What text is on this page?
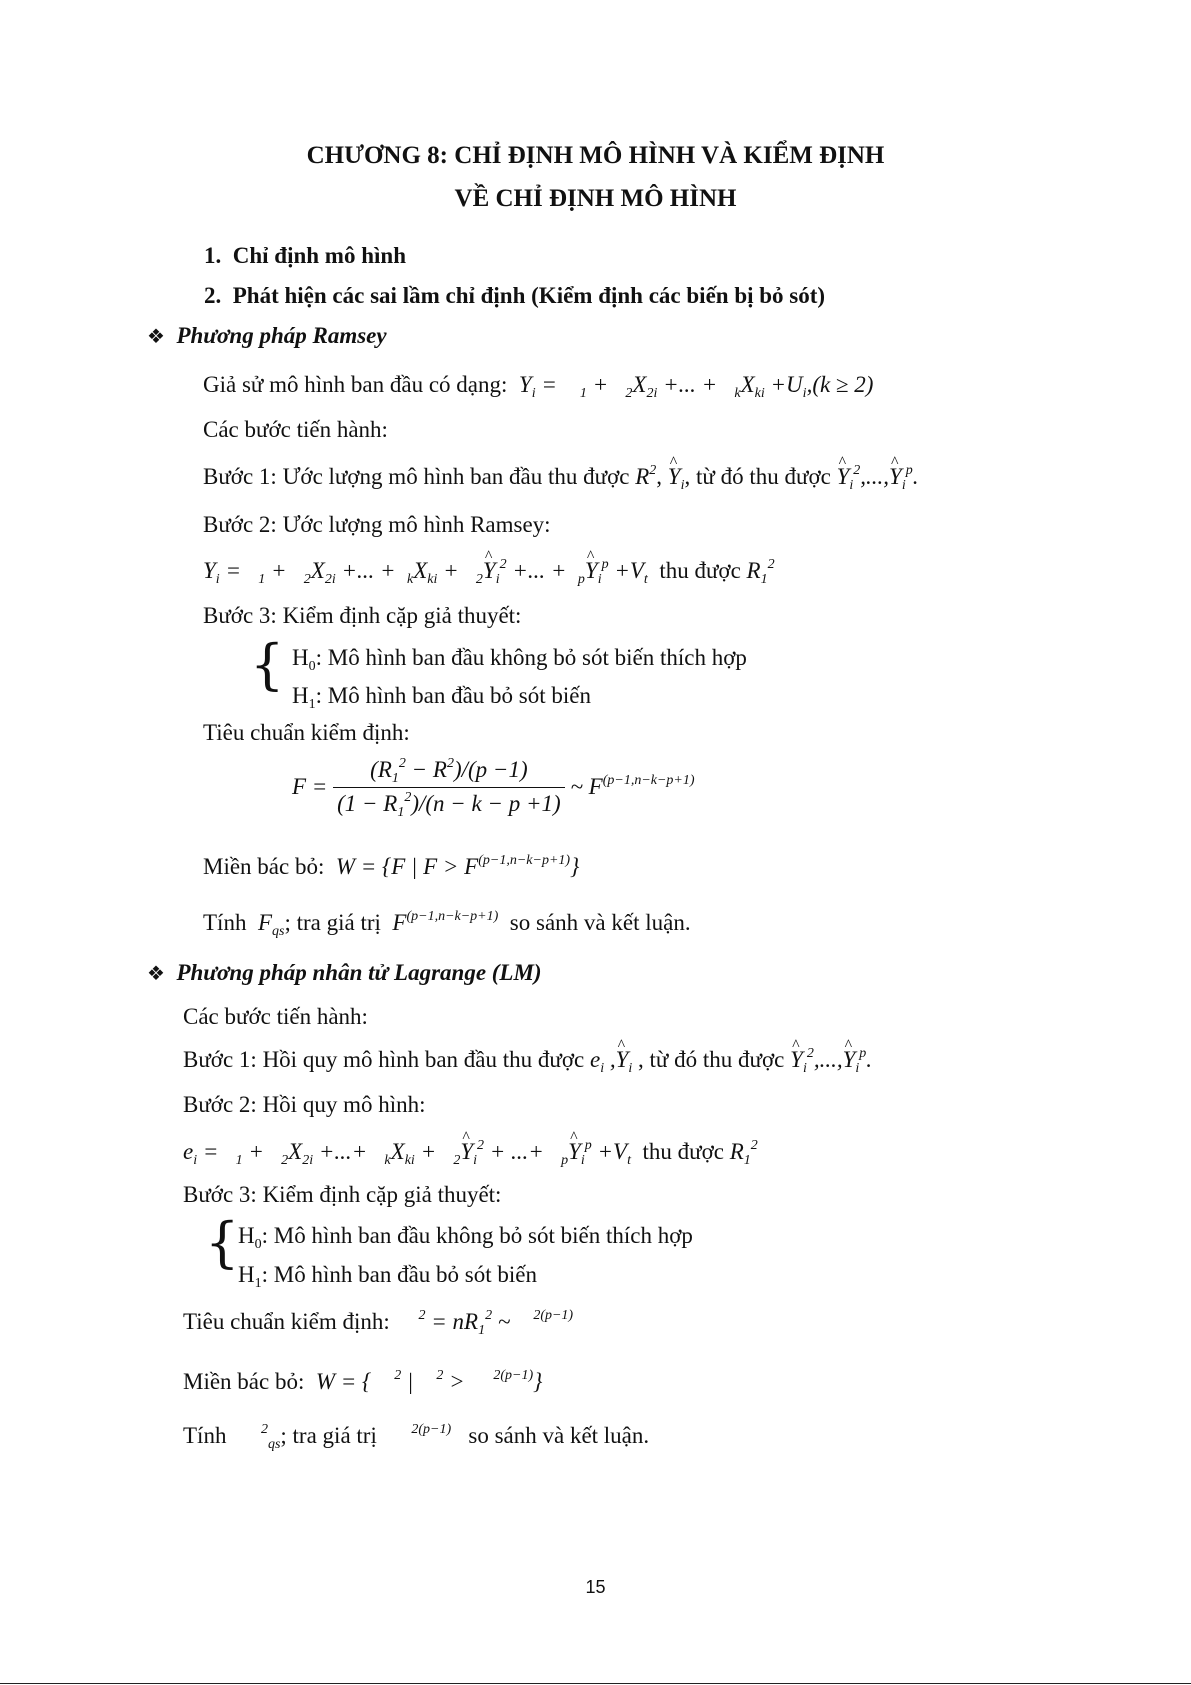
CHƯƠNG 8: CHỈ ĐỊNH MÔ HÌNH VÀ KIỂM ĐỊNH
VỀ CHỈ ĐỊNH MÔ HÌNH
1. Chỉ định mô hình
2. Phát hiện các sai lầm chỉ định (Kiểm định các biến bị bỏ sót)
❖ Phương pháp Ramsey
Giả sử mô hình ban đầu có dạng:  $Y_i$ =    $_1 + _2X_{2i}$ +... +   $_kX_{ki} +U_i,(k \ge 2)$
Các bước tiến hành:
Bước 1: Ước lượng mô hình ban đầu thu được $R^2$, ^ $Y_i$, từ đó thu được ^ $Y_i^2,...,\^{}$ $Y_i^p$.
Bước 2: Ước lượng mô hình Ramsey:
$Y_i = _1 + _2X_{2i}$ +... +  $_kX_{ki}$ +   $_2$^ $Y_i^2$ +... +  $_p$^ $Y_i^p +V_t$ thu được $R_1^2$
Bước 3: Kiểm định cặp giả thuyết:
{ $H_0$: Mô hình ban đầu không bỏ sót biến thích hợp
$H_1$: Mô hình ban đầu bỏ sót biến
Tiêu chuẩn kiểm định:
$F = \frac{(R_1^2 - R^2)/(p -1)}{(1 - R_1^2)/(n - k - p +1)}$ ~ $F^{(p-1,n-k-p+1)}$
Miền bác bỏ:  W = {F | $F > F^{(p-1,n-k-p+1)}$}
Tính  $F_{qs}$; tra giá trị  $F^{(p-1,n-k-p+1)}$ so sánh và kết luận.
❖ Phương pháp nhân tử Lagrange (LM)
Các bước tiến hành:
Bước 1: Hồi quy mô hình ban đầu thu được $e_i$ ,^ $Y_i$ , từ đó thu được ^ $Y_i^2,...,\^{}$ $Y_i^p$.
Bước 2: Hồi quy mô hình:
$e_i = _1 + _2X_{2i}$ +...+   $_kX_{ki}$ +   $_2$^ $Y_i^2$ + ...+   $_p$^ $Y_i^p +V_t$ thu được $R_1^2$
Bước 3: Kiểm định cặp giả thuyết:
{
$H_0$: Mô hình ban đầu không bỏ sót biến thích hợp
$H_1$: Mô hình ban đầu bỏ sót biến
Tiêu chuẩn kiểm định: $^2 = nR_1^2$ ~    $^{2(p-1)}$
Miền bác bỏ:  W = {    $^2$ |    $^2$ >     $^{2(p-1)}$}
Tính $^2_{qs}$; tra giá trị $^{2(p-1)}$ so sánh và kết luận.
15
